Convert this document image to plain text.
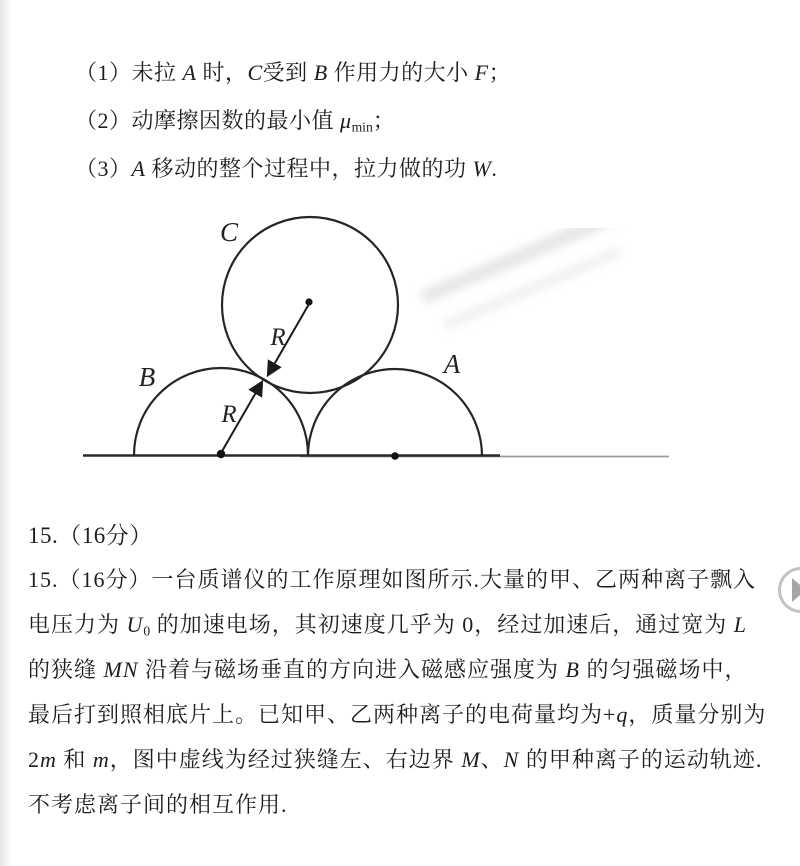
（1）未拉 A 时，C受到 B 作用力的大小 F；
（2）动摩擦因数的最小值 $\mu_{min}$；
（3）A 移动的整个过程中，拉力做的功 W.
C
B	A
R
R
15.（16分）
15.（16分）一台质谱仪的工作原理如图所示.大量的甲、乙两种离子飘入
电压力为 $U_0$ 的加速电场，其初速度几乎为 0，经过加速后，通过宽为 L
的狭缝 MN 沿着与磁场垂直的方向进入磁感应强度为 B 的匀强磁场中，
最后打到照相底片上。已知甲、乙两种离子的电荷量均为+q，质量分别为
2m 和 m，图中虚线为经过狭缝左、右边界 M、N 的甲种离子的运动轨迹.
不考虑离子间的相互作用.
